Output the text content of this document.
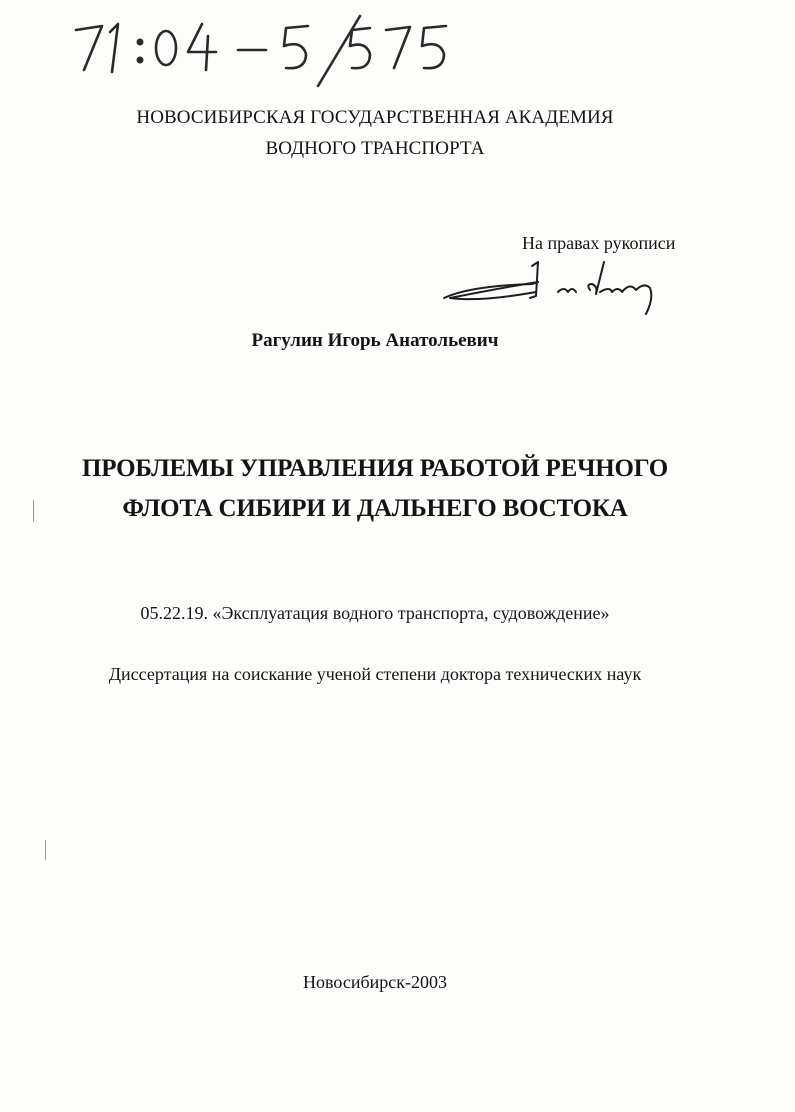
НОВОСИБИРСКАЯ ГОСУДАРСТВЕННАЯ АКАДЕМИЯ
ВОДНОГО ТРАНСПОРТА
На правах рукописи
Рагулин Игорь Анатольевич
ПРОБЛЕМЫ УПРАВЛЕНИЯ РАБОТОЙ РЕЧНОГО
ФЛОТА СИБИРИ И ДАЛЬНЕГО ВОСТОКА
05.22.19. «Эксплуатация водного транспорта, судовождение»
Диссертация на соискание ученой степени доктора технических наук
Новосибирск-2003
